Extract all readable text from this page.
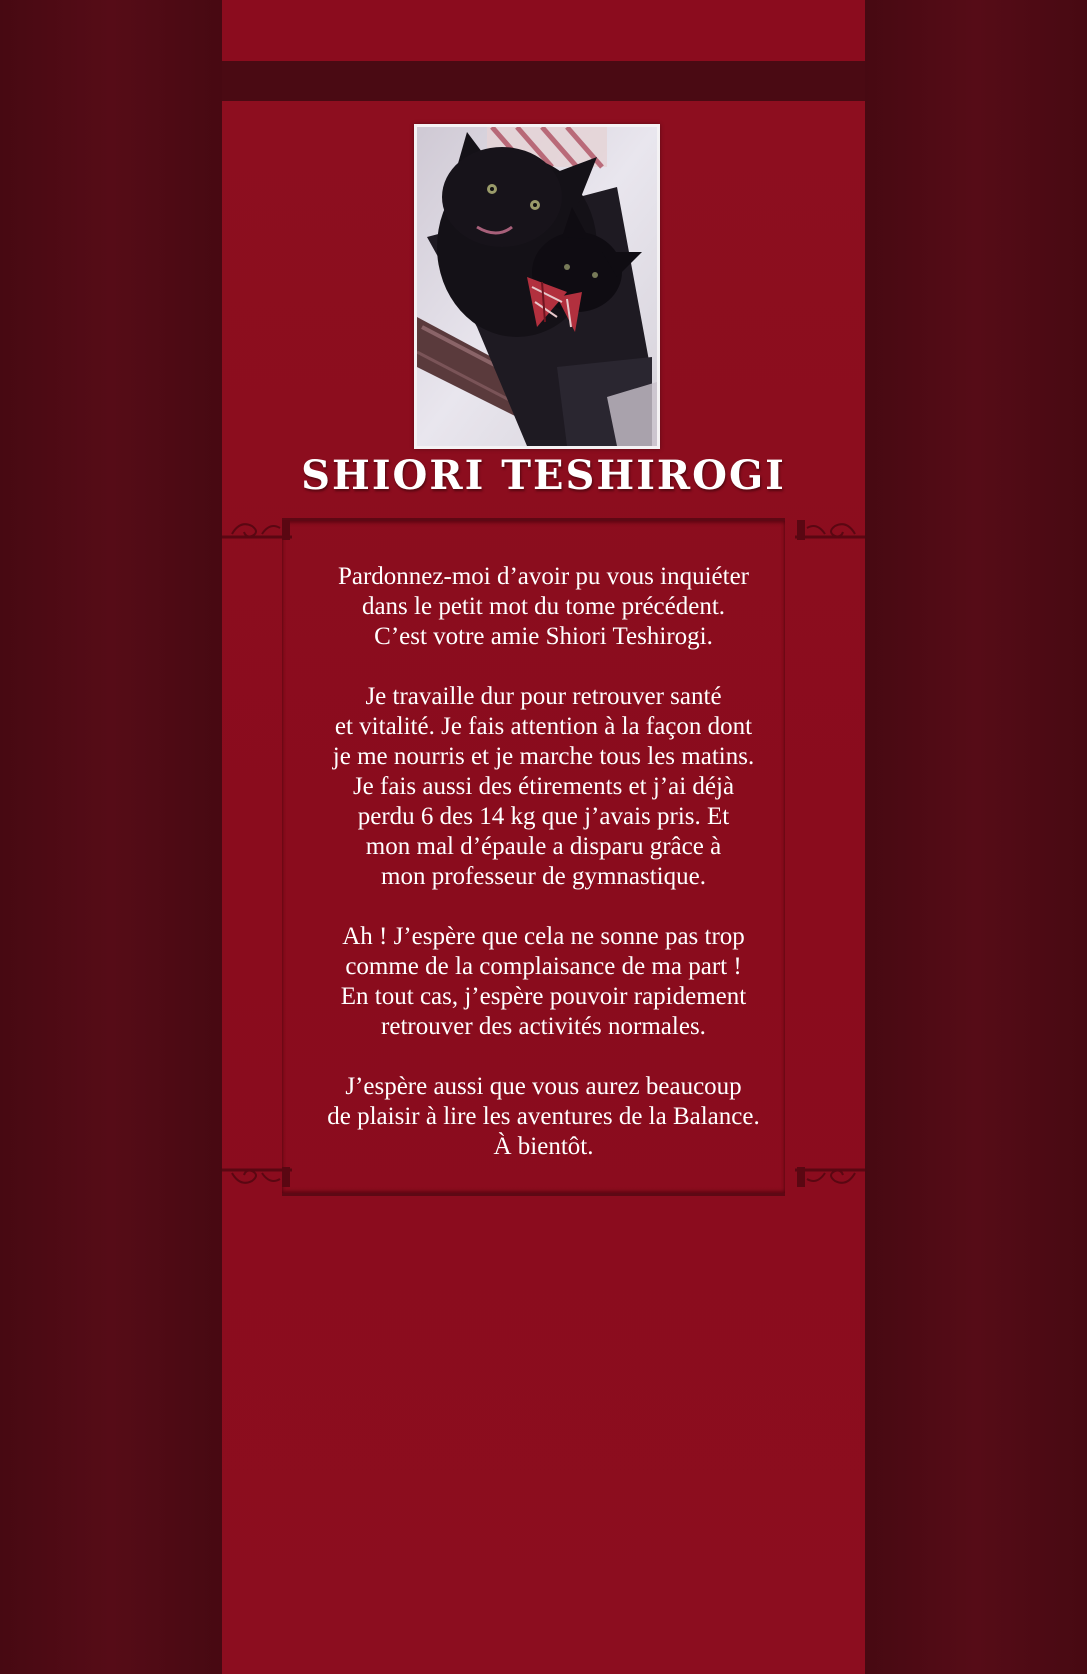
SHIORI TESHIROGI

Pardonnez-moi d’avoir pu vous inquiéter
dans le petit mot du tome précédent.
C’est votre amie Shiori Teshirogi.

Je travaille dur pour retrouver santé
et vitalité. Je fais attention à la façon dont
je me nourris et je marche tous les matins.
Je fais aussi des étirements et j’ai déjà
perdu 6 des 14 kg que j’avais pris. Et
mon mal d’épaule a disparu grâce à
mon professeur de gymnastique.

Ah ! J’espère que cela ne sonne pas trop
comme de la complaisance de ma part !
En tout cas, j’espère pouvoir rapidement
retrouver des activités normales.

J’espère aussi que vous aurez beaucoup
de plaisir à lire les aventures de la Balance.
À bientôt.
